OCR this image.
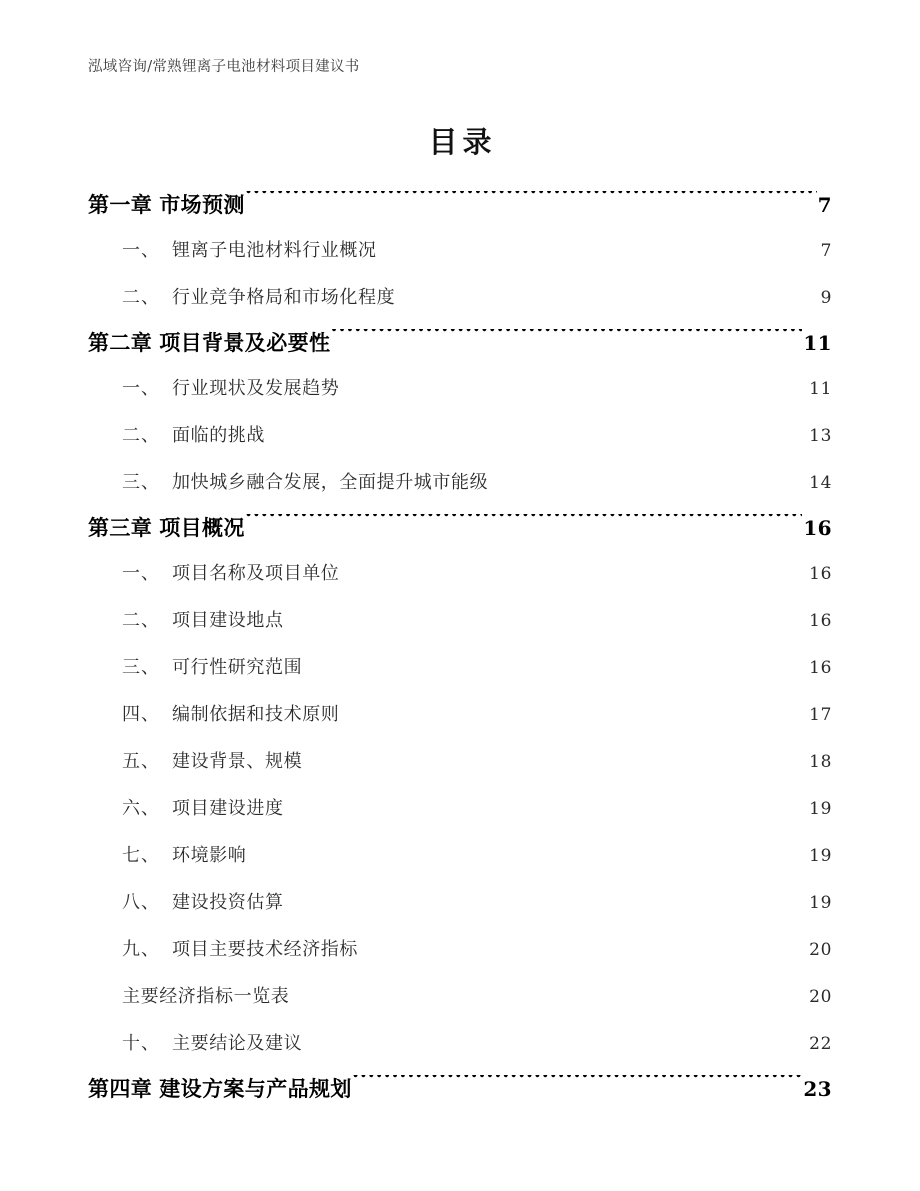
泓域咨询/常熟锂离子电池材料项目建议书
目录
第一章 市场预测 .....	7
一、 锂离子电池材料行业概况 .....	7
二、 行业竞争格局和市场化程度 .....	9
第二章 项目背景及必要性 .....	11
一、 行业现状及发展趋势 .....	11
二、 面临的挑战 .....	13
三、 加快城乡融合发展，全面提升城市能级 .....	14
第三章 项目概况 .....	16
一、 项目名称及项目单位 .....	16
二、 项目建设地点 .....	16
三、 可行性研究范围 .....	16
四、 编制依据和技术原则 .....	17
五、 建设背景、规模 .....	18
六、 项目建设进度 .....	19
七、 环境影响 .....	19
八、 建设投资估算 .....	19
九、 项目主要技术经济指标 .....	20
主要经济指标一览表 .....	20
十、 主要结论及建议 .....	22
第四章 建设方案与产品规划 .....	23
